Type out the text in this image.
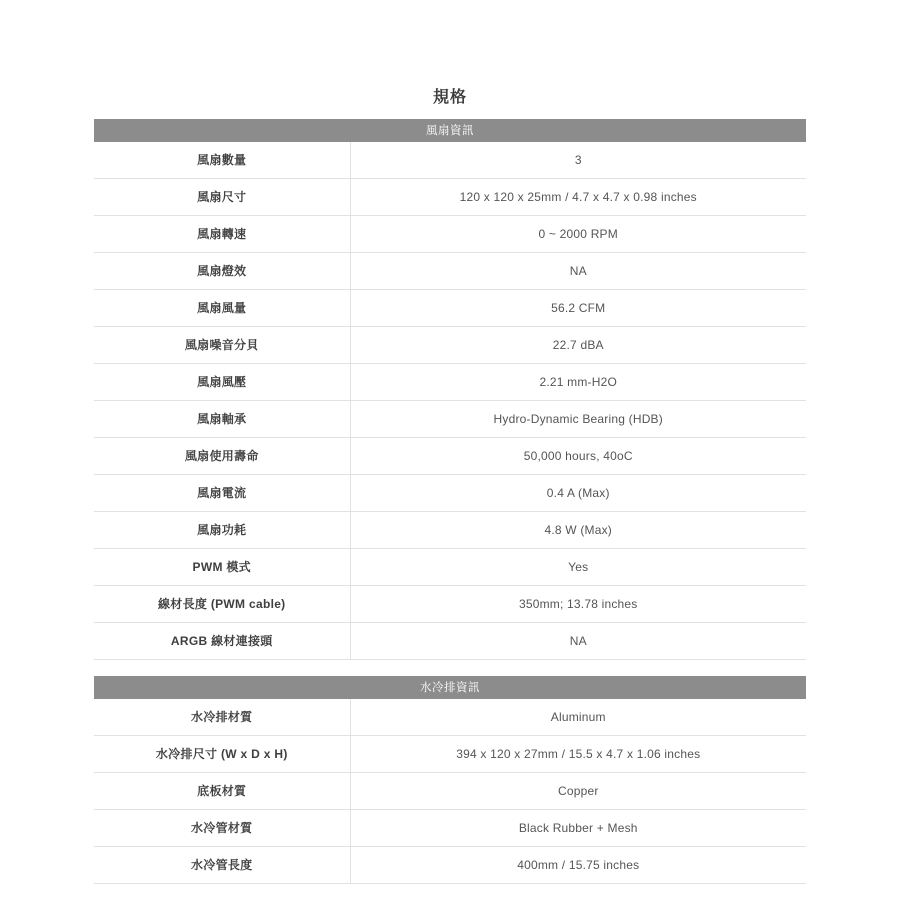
規格
風扇資訊	
風扇數量	3
風扇尺寸	120 x 120 x 25mm / 4.7 x 4.7 x 0.98 inches
風扇轉速	0 ~ 2000 RPM
風扇燈效	NA
風扇風量	56.2 CFM
風扇噪音分貝	22.7 dBA
風扇風壓	2.21 mm-H2O
風扇軸承	Hydro-Dynamic Bearing (HDB)
風扇使用壽命	50,000 hours, 40oC
風扇電流	0.4 A (Max)
風扇功耗	4.8 W (Max)
PWM 模式	Yes
線材長度 (PWM cable)	350mm; 13.78 inches
ARGB 線材連接頭	NA

水冷排資訊	
水冷排材質	Aluminum
水冷排尺寸 (W x D x H)	394 x 120 x 27mm / 15.5 x 4.7 x 1.06 inches
底板材質	Copper
水冷管材質	Black Rubber + Mesh
水冷管長度	400mm / 15.75 inches
